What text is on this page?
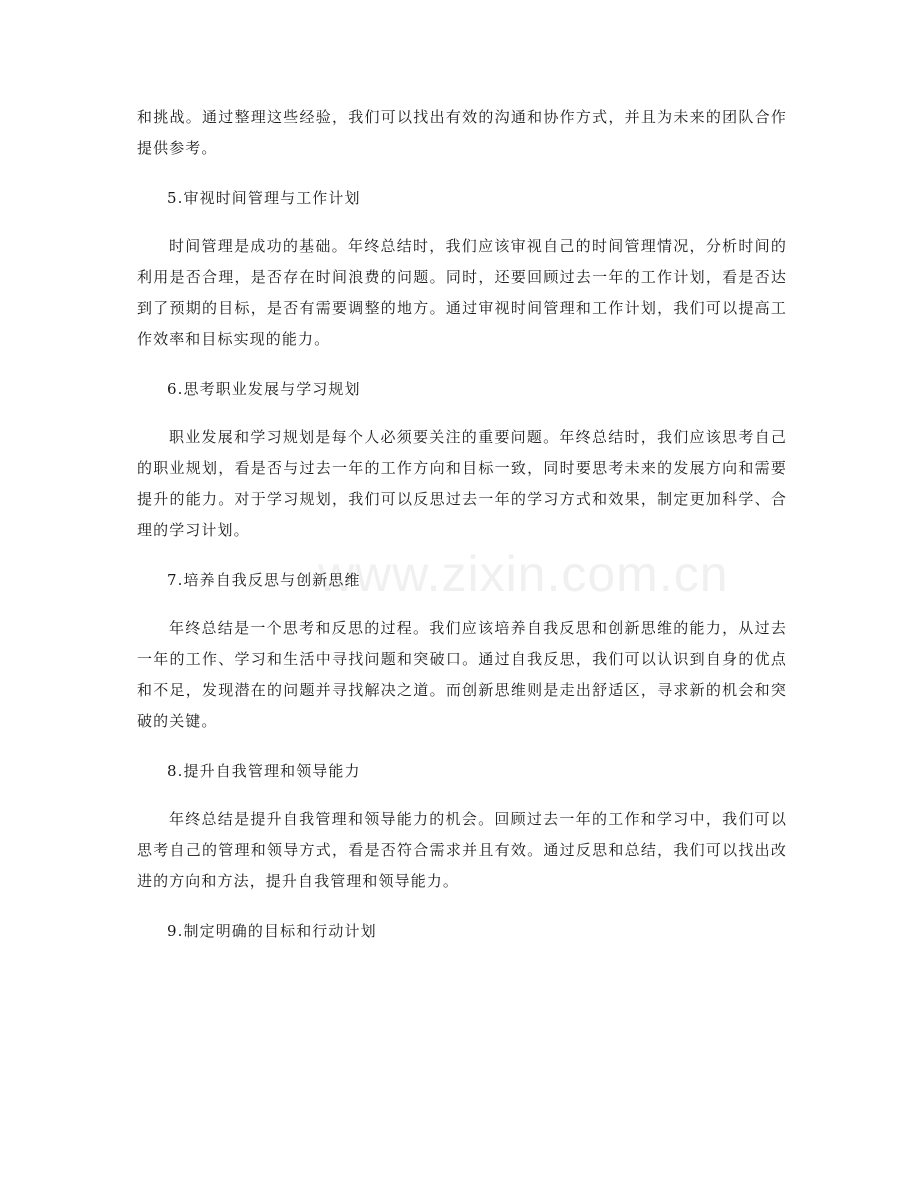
www.zixin.com.cn

和挑战。通过整理这些经验，我们可以找出有效的沟通和协作方式，并且为未来的团队合作提供参考。

5.审视时间管理与工作计划

时间管理是成功的基础。年终总结时，我们应该审视自己的时间管理情况，分析时间的利用是否合理，是否存在时间浪费的问题。同时，还要回顾过去一年的工作计划，看是否达到了预期的目标，是否有需要调整的地方。通过审视时间管理和工作计划，我们可以提高工作效率和目标实现的能力。

6.思考职业发展与学习规划

职业发展和学习规划是每个人必须要关注的重要问题。年终总结时，我们应该思考自己的职业规划，看是否与过去一年的工作方向和目标一致，同时要思考未来的发展方向和需要提升的能力。对于学习规划，我们可以反思过去一年的学习方式和效果，制定更加科学、合理的学习计划。

7.培养自我反思与创新思维

年终总结是一个思考和反思的过程。我们应该培养自我反思和创新思维的能力，从过去一年的工作、学习和生活中寻找问题和突破口。通过自我反思，我们可以认识到自身的优点和不足，发现潜在的问题并寻找解决之道。而创新思维则是走出舒适区，寻求新的机会和突破的关键。

8.提升自我管理和领导能力

年终总结是提升自我管理和领导能力的机会。回顾过去一年的工作和学习中，我们可以思考自己的管理和领导方式，看是否符合需求并且有效。通过反思和总结，我们可以找出改进的方向和方法，提升自我管理和领导能力。

9.制定明确的目标和行动计划
